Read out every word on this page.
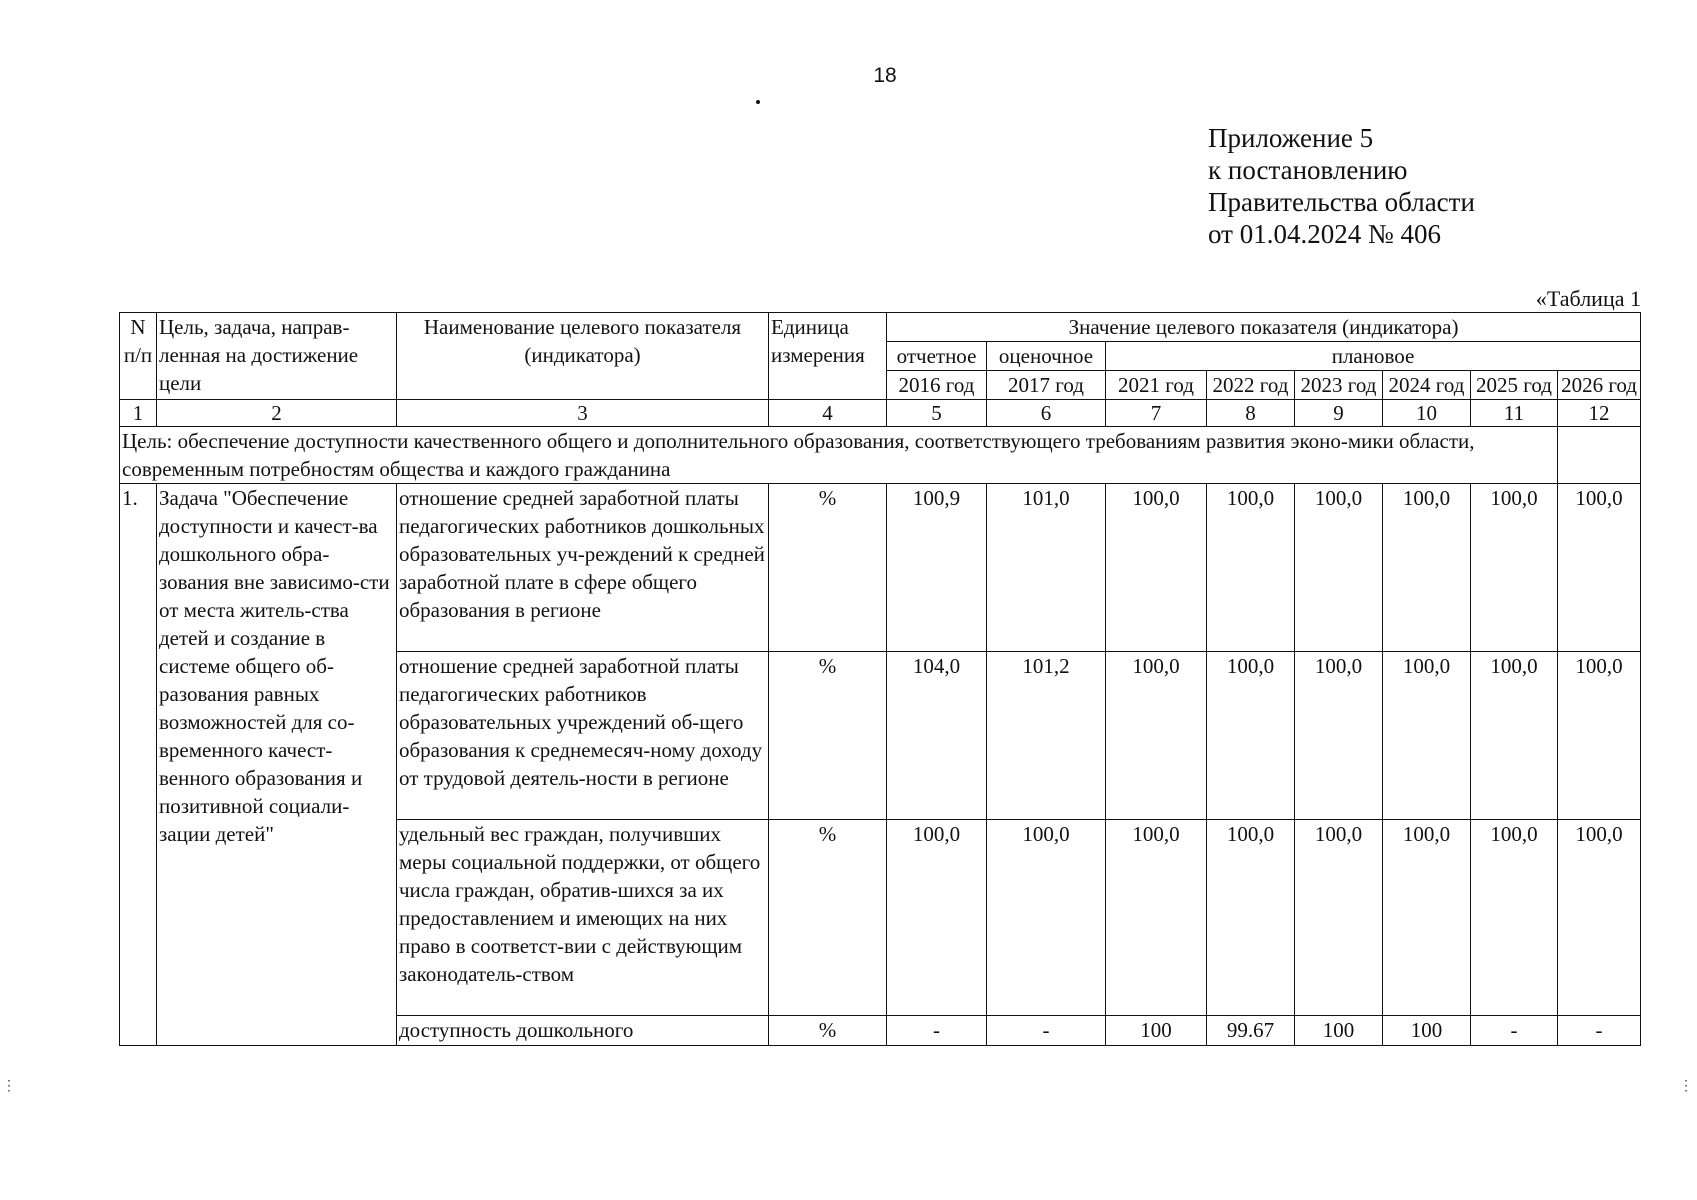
18
Приложение 5
к постановлению
Правительства области
от 01.04.2024 № 406
«Таблица 1
N п/п	Цель, задача, направ-ленная на достижение цели	Наименование целевого показателя (индикатора)	Единица измерения	Значение целевого показателя (индикатора)							
				отчетное	оценочное	плановое					
				2016 год	2017 год	2021 год	2022 год	2023 год	2024 год	2025 год	2026 год

1	2	3	4	5	6	7	8	9	10	11	12
Цель: обеспечение доступности качественного общего и дополнительного образования, соответствующего требованиям развития эконо-мики области, современным потребностям общества и каждого гражданина											
1.	Задача "Обеспечение доступности и качест-ва дошкольного обра-зования вне зависимо-сти от места житель-ства детей и создание в системе общего об-разования равных возможностей для со-временного качест-венного образования и позитивной социали-зации детей"	отношение средней заработной платы педагогических работников дошкольных образовательных уч-реждений к средней заработной плате в сфере общего образования в регионе	%	100,9	101,0	100,0	100,0	100,0	100,0	100,0	100,0
		отношение средней заработной платы педагогических работников образовательных учреждений об-щего образования к среднемесяч-ному доходу от трудовой деятель-ности в регионе	%	104,0	101,2	100,0	100,0	100,0	100,0	100,0	100,0
		удельный вес граждан, получивших меры социальной поддержки, от общего числа граждан, обратив-шихся за их предоставлением и имеющих на них право в соответст-вии с действующим законодатель-ством	%	100,0	100,0	100,0	100,0	100,0	100,0	100,0	100,0
		доступность дошкольного	%	-	-	100	99.67	100	100	-	-
⋮	⋮
